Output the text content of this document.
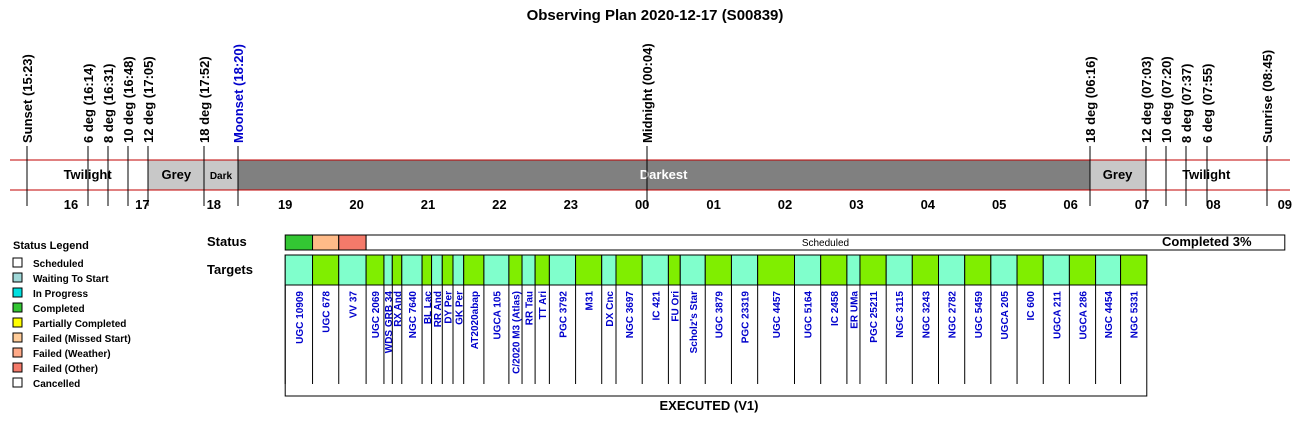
Observing Plan 2020-12-17 (S00839)
Sunset (15:23)	6 deg (16:14) 8 deg (16:31) 10 deg (16:48) 12 deg (17:05)	18 deg (17:52) Moonset (18:20)	Midnight (00:04)	18 deg (06:16)	12 deg (07:03) 10 deg (07:20) 8 deg (07:37) 6 deg (07:55)	Sunrise (08:45)
Twilight	Grey Dark	Darkest	Grey	Twilight
16	17	18	19	20	21	22	23	00	01	02	03	04	05	06	07	08	09
Status	Scheduled	Completed 3%
Targets
UGC 10909 UGC 678 VV 37 UGC 2069 WDS GRB 34
RX And NGC 7640 BL Lac RR And DY Per GK Per AT2020abap UGCA 105 C/2020 M3 (Atlas) RR Tau TT Ari PGC 3792 M31 DX Cnc NGC 3697 IC 421 FU Ori Scholz's Star UGC 3879 PGC 23319 UGC 4457 UGC 5164 IC 2458 ER UMa PGC 25211 NGC 3115 NGC 3243 NGC 2782 UGC 5459 UGCA 205 IC 600 UGCA 211 UGCA 286 NGC 4454 NGC 5331
EXECUTED (V1)
Status Legend
Scheduled
Waiting To Start
In Progress
Completed
Partially Completed
Failed (Missed Start)
Failed (Weather)
Failed (Other)
Cancelled
